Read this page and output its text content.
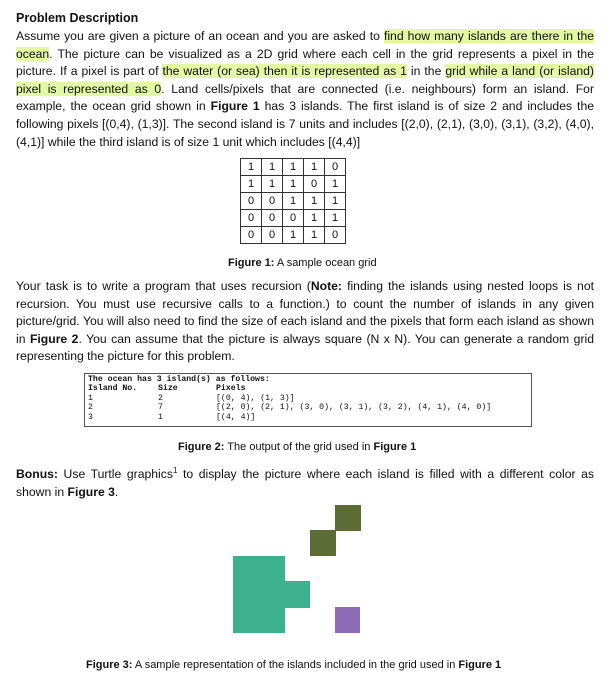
Problem Description

Assume you are given a picture of an ocean and you are asked to find how many islands are there in the ocean. The picture can be visualized as a 2D grid where each cell in the grid represents a pixel in the picture. If a pixel is part of the water (or sea) then it is represented as 1 in the grid while a land (or island) pixel is represented as 0. Land cells/pixels that are connected (i.e. neighbours) form an island. For example, the ocean grid shown in Figure 1 has 3 islands. The first island is of size 2 and includes the following pixels [(0,4), (1,3)]. The second island is 7 units and includes [(2,0), (2,1), (3,0), (3,1), (3,2), (4,0), (4,1)] while the third island is of size 1 unit which includes [(4,4)]

1	1	1	1	0
1	1	1	0	1
0	0	1	1	1
0	0	0	1	1
0	0	1	1	0
Figure 1: A sample ocean grid

Your task is to write a program that uses recursion (Note: finding the islands using nested loops is not recursion. You must use recursive calls to a function.) to count the number of islands in any given picture/grid. You will also need to find the size of each island and the pixels that form each island as shown in Figure 2. You can assume that the picture is always square (N x N). You can generate a random grid representing the picture for this problem.

The ocean has 3 island(s) as follows:
Island No.	Size	Pixels
1	2	[(0, 4), (1, 3)]
2	7	[(2, 0), (2, 1), (3, 0), (3, 1), (3, 2), (4, 1), (4, 0)]
3	1	[(4, 4)]
Figure 2: The output of the grid used in Figure 1

Bonus: Use Turtle graphics$^1$ to display the picture where each island is filled with a different color as shown in Figure 3.

Figure 3: A sample representation of the islands included in the grid used in Figure 1
